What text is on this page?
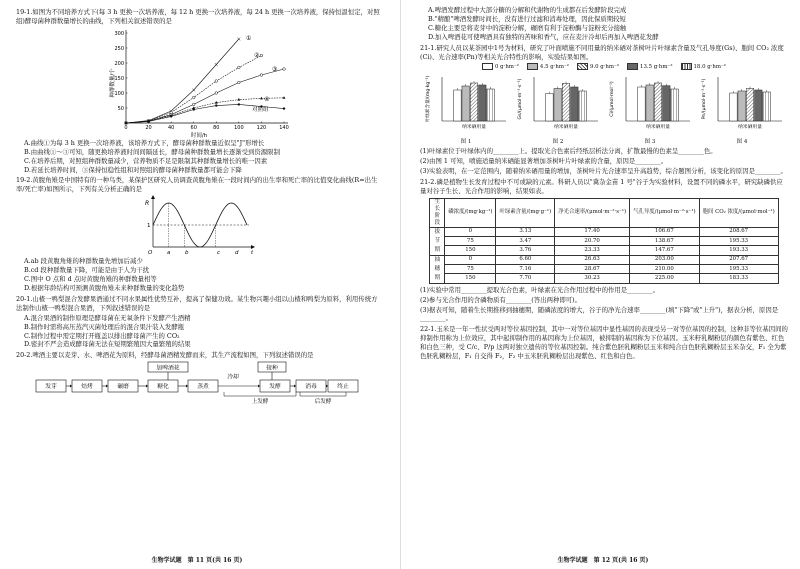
19-1.如图为不同培养方式下(每 3 h 更换一次培养液，每 12 h 更换一次培养液，每 24 h 更换一次培养液，保持恒温恒定，对照组)酵母菌种群数量增长的曲线，下列相关叙述错误的是

0	20	40	60	80	100	120	140
50
100
150
200
250
300
种群数量/个
时间/h
①
②
③
④
对照组

A.曲线①为每 3 h 更换一次培养液，该培养方式下，酵母菌种群数量近似呈"J"形增长

B.由曲线①～③可知，随更换培养液时间间隔延长，酵母菌种群数量增长逐渐受到资源限制

C.在培养后期，对照组种群数量减少，营养物质不足是限制其种群数量增长的唯一因素

D.若延长培养时间，③保持恒稳性组和对照组的酵母菌种群数量都可能会下降

19-2.黄腹角雉是中国特有的一种鸟类，某保护区研究人员调查黄腹角雉在一段时间内的出生率和死亡率的比值变化曲线(R=出生率/死亡率)如图所示，下列有关分析正确的是

R
1
O	a	b	c	d t

A.ab 段黄腹角雉的种群数量先增加后减少

B.cd 段种群数量下降，可能是由于人为干扰

C.图中 O 点和 d 点时黄腹角雉的种群数量相等

D.根据年龄结构可预测黄腹角雉未来种群数量的变化趋势

20-1.山楂一鸭梨混合发酵果酒通过不同水果属性优势互补，提高了保健功效。某生物兴趣小组以山楂和鸭梨为原料，利用传统方法制作山楂一鸭梨混合果酒，下列叙述错误的是

A.混合果酒的制作原理是酵母菌在无氧条件下发酵产生酒精

B.制作时需将高压蒸汽灭菌处理后的混合果汁装入发酵瓶

C.制作过程中需定期打开瓶盖以排出酵母菌产生的 CO₂

D.密封不严会造成酵母菌无法在短期繁殖因大量繁殖的结果

20-2.啤酒主要以麦芽、水、啤酒花为原料，经酵母菌酒精发酵而来，其生产流程如图，下列叙述错误的是

加啤酒花	接种
发芽	焙烤	碾磨	糖化	蒸煮
冷却
发酵	消毒	终止
上发酵	后发酵
生物学试题　第 11 页(共 16 页)

A.啤酒发酵过程中大部分糖的分解和代谢物的生成都在后发酵阶段完成

B."精酿"啤酒发酵时间长，没有进行过滤和消毒处理，因此保质期较短

C.糖化主要是将麦芽中的淀粉分解，碾磨有利于淀粉酶与淀粉充分接触

D.加入啤酒花可使啤酒具有独特的苦味和香气，应在麦汁冷却后再加入啤酒花发酵

21-1.研究人员以某茶园中1号为材料，研究了叶面喷施不同用量的纳米硒对茶树叶片叶绿素含量及气孔导度(Gs)、胞间 CO₂ 浓度(Ci)、光合速率(Pn)等相关光合特性的影响，实验结果如图。

0 g·hm⁻²	4.5 g·hm⁻²	9.0 g·hm⁻²	13.5 g·hm⁻²	18.0 g·hm⁻²
叶绿素含量/(mg·kg⁻¹)
纳米硒用量
图 1
Gs/(μmol·m⁻²·s⁻¹)
纳米硒用量
图 2
Ci/(μmol·mol⁻¹)
纳米硒用量
图 3
Pn/(μmol·m⁻²·s⁻¹)
纳米硒用量
图 4

(1)叶绿素位于叶绿体内的________上。提取光合色素后经纸层析法分离，扩散最慢的色素呈________色。

(2)由图 1 可知，喷施适量纳米硒能显著增加茶树叶片叶绿素的含量，原因是________。

(3)实验表明，在一定范围内，随着纳米硒用量的增加，茶树叶片光合速率呈升高趋势，综合题图分析，该变化的原因是________。

21-2.磷是植物生长发育过程中不可或缺的元素。科研人员以"冀杂金苗 1 号"谷子为实验材料，设置不同的磷水平，研究缺磷供应量对谷子生长、光合作用的影响，结果如表。

生长阶段	磷浓度/(mg·kg⁻¹)	叶绿素含量/(mg·g⁻¹)	净光合速率/(μmol·m⁻²·s⁻¹)	气孔导度/(μmol·m⁻²·s⁻¹)	胞间 CO₂ 浓度/(μmol·mol⁻¹)
拔节期	0	3.13	17.40	106.67	208.67
	75	3.47	20.70	138.67	195.33
	150	3.76	23.33	147.67	193.33
抽穗期	0	6.60	26.63	203.00	207.67
	75	7.16	28.67	210.00	195.33
	150	7.70	30.23	225.00	183.33

(1)实验中常用________提取光合色素，叶绿素在光合作用过程中的作用是________。

(2)参与光合作用的含磷物质有________(答出两种即可)。

(3)据表可知，随着生长期推移到抽穗期，随磷浓度的增大，谷子的净光合速率________(填"下降"或"上升")，据表分析，原因是________。

22-1.玉米是一年一性状受两对等位基因控制，其中一对等位基因中显性基因的表现受另一对等位基因的控制，这种非等位基因间的抑制作用称为上位效应，其中起抑制作用的基因称为上位基因，被抑制的基因称为下位基因。玉米籽乳糊粉层的颜色有紫色、红色和白色三种，受 C/c、P/p 这两对独立遗传的等位基因控制。纯合紫色胚乳糊粉层玉米和纯合白色胚乳糊粉层玉米杂交，F₁ 全为紫色胚乳糊粉层，F₁ 自交得 F₂，F₂ 中玉米胚乳糊粉层出现紫色、红色和白色。

生物学试题　第 12 页(共 16 页)
